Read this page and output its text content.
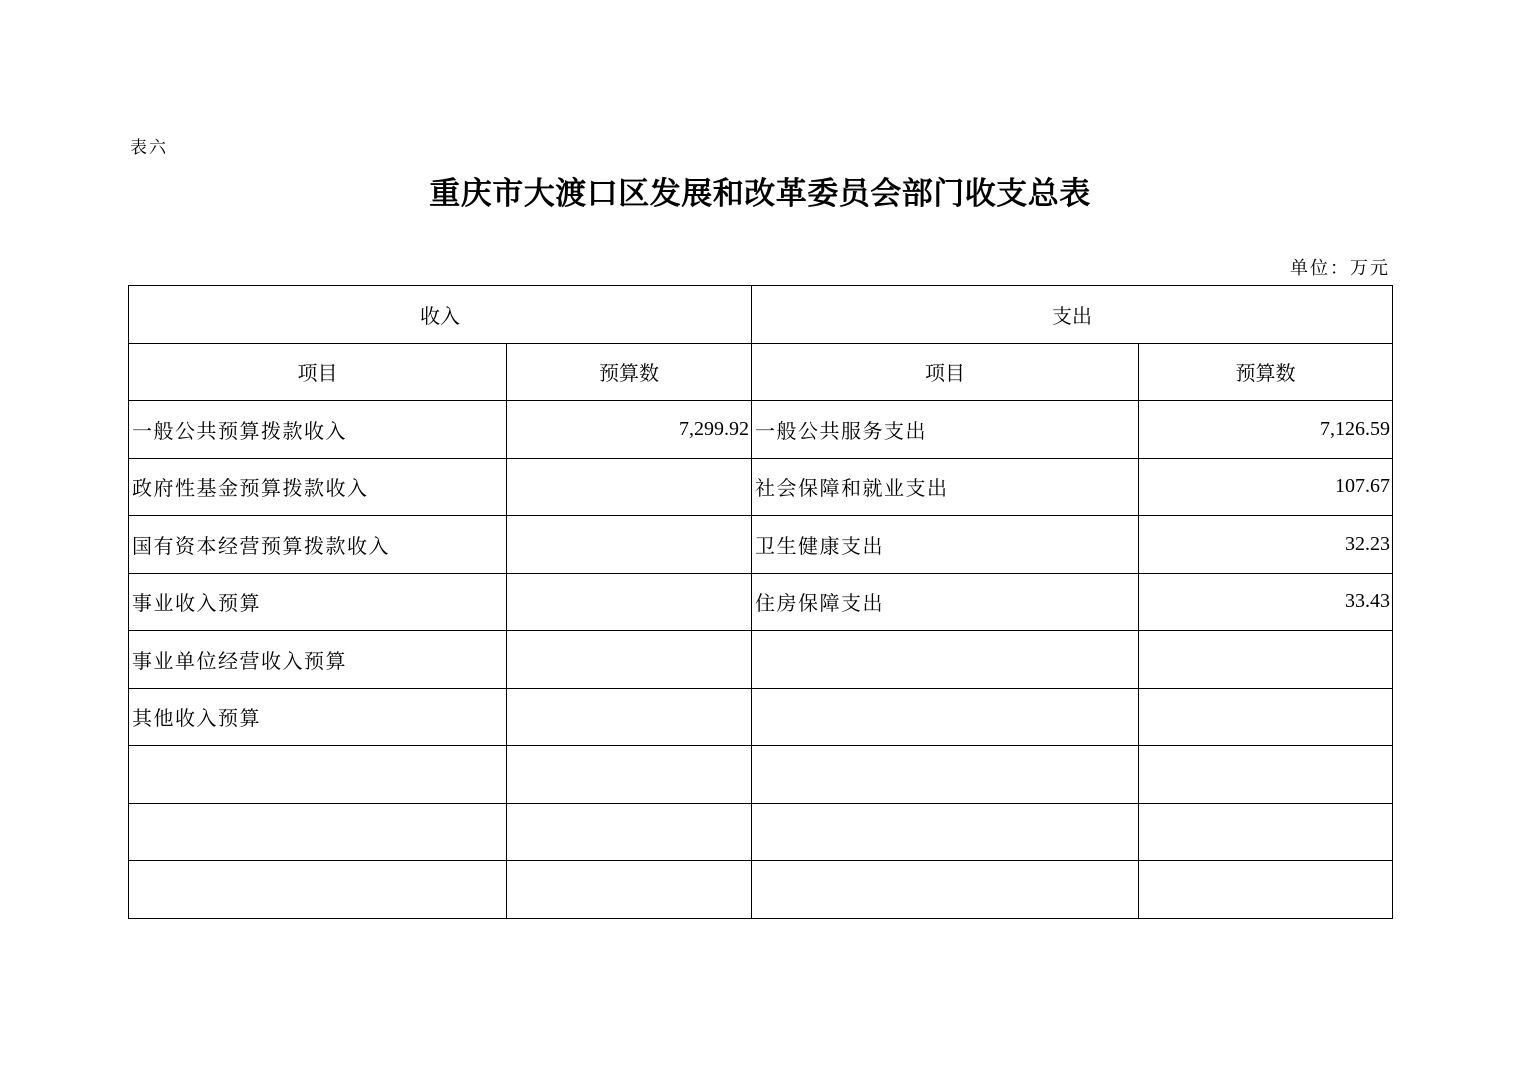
表六
重庆市大渡口区发展和改革委员会部门收支总表
单位：万元
收入		支出	
项目	预算数	项目	预算数
一般公共预算拨款收入	7,299.92	一般公共服务支出	7,126.59
政府性基金预算拨款收入		社会保障和就业支出	107.67
国有资本经营预算拨款收入		卫生健康支出	32.23
事业收入预算		住房保障支出	33.43
事业单位经营收入预算			
其他收入预算			
